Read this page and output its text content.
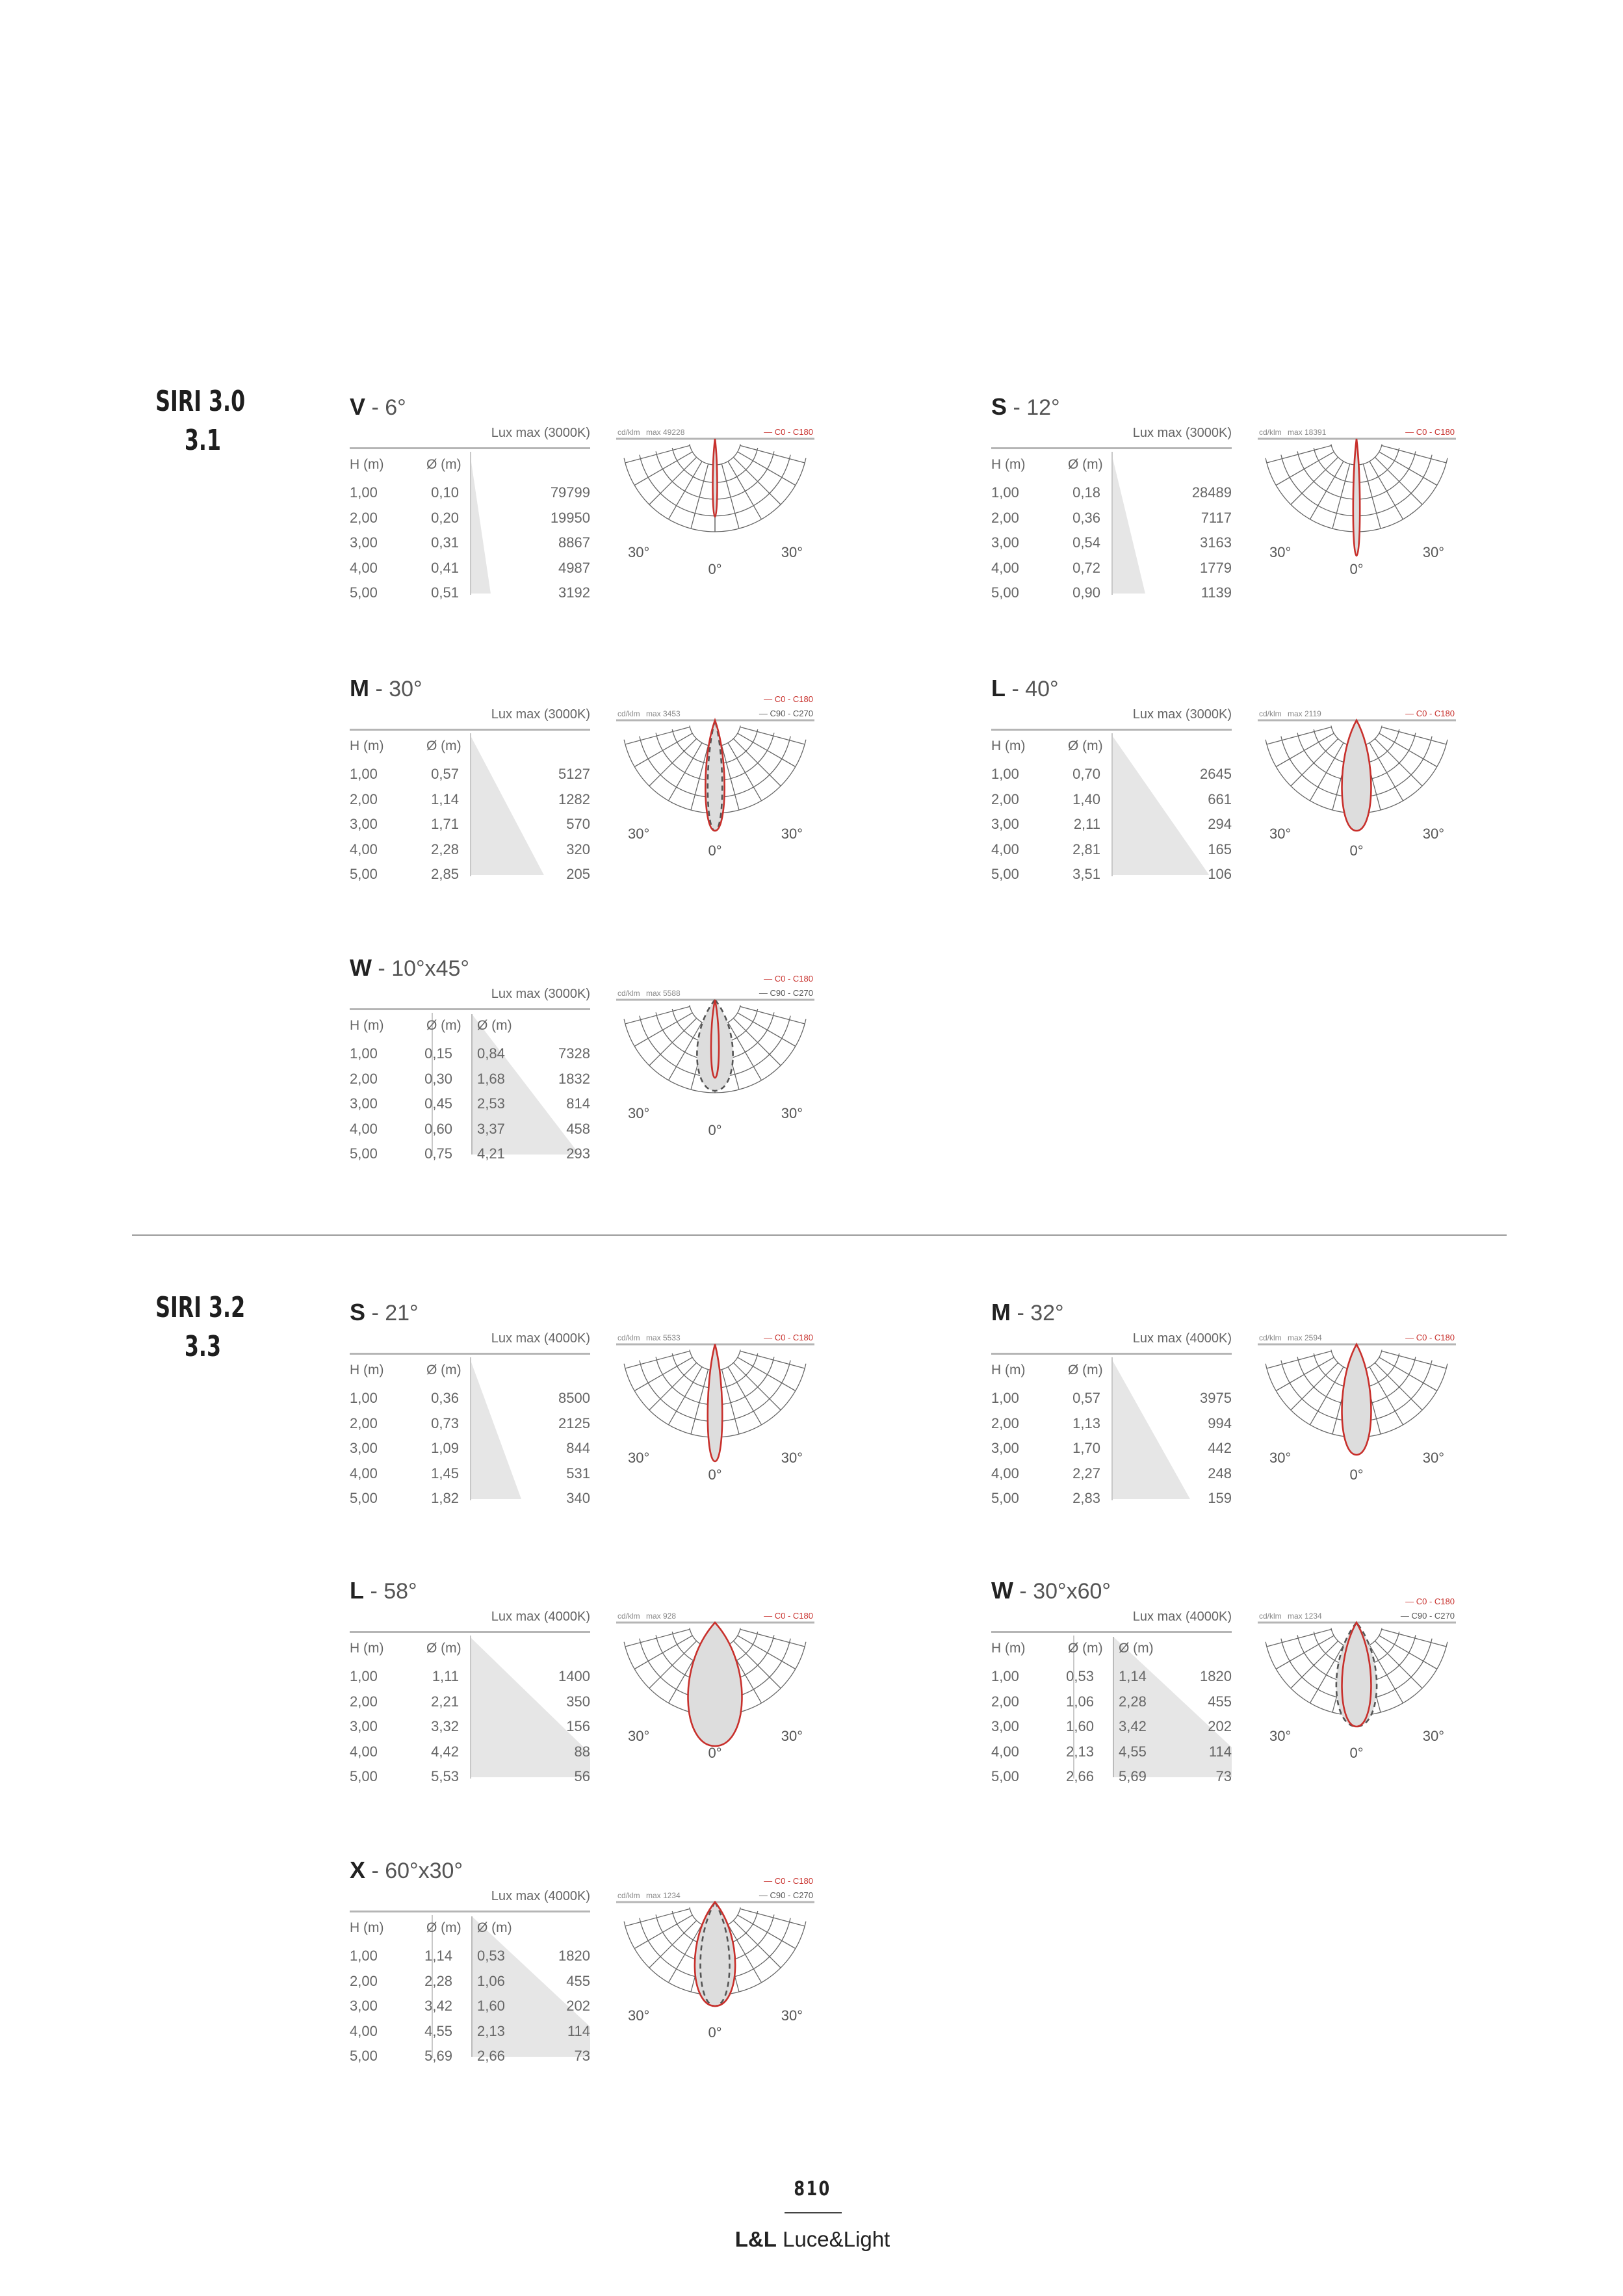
SIRI 3.0
3.1
SIRI 3.2
3.3
V - 6°
Lux max (3000K)
H (m)	Ø (m)
1,00	0,10	79799
2,00	0,20	19950
3,00	0,31	8867
4,00	0,41	4987
5,00	0,51	3192
cd/klm max 49228	— C0 - C180
30°	30°
0°
S - 12°
Lux max (3000K)
H (m)	Ø (m)
1,00	0,18	28489
2,00	0,36	7117
3,00	0,54	3163
4,00	0,72	1779
5,00	0,90	1139
cd/klm max 18391	— C0 - C180
30°	30°
0°
M - 30°
Lux max (3000K)
H (m)	Ø (m)
1,00	0,57	5127
2,00	1,14	1282
3,00	1,71	570
4,00	2,28	320
5,00	2,85	205
cd/klm max 3453
— C0 - C180
— C90 - C270
30°	30°
0°
L - 40°
Lux max (3000K)
H (m)	Ø (m)
1,00	0,70	2645
2,00	1,40	661
3,00	2,11	294
4,00	2,81	165
5,00	3,51	106
cd/klm max 2119	— C0 - C180
30°	30°
0°
W - 10°x45°
Lux max (3000K)
H (m)	Ø (m) Ø (m)
1,00	0,15 0,84	7328
2,00	0,30 1,68	1832
3,00	0,45 2,53	814
4,00	0,60 3,37	458
5,00	0,75 4,21	293
cd/klm max 5588
— C0 - C180
— C90 - C270
30°	30°
0°
S - 21°
Lux max (4000K)
H (m)	Ø (m)
1,00	0,36	8500
2,00	0,73	2125
3,00	1,09	844
4,00	1,45	531
5,00	1,82	340
cd/klm max 5533	— C0 - C180
30°	30°
0°
M - 32°
Lux max (4000K)
H (m)	Ø (m)
1,00	0,57	3975
2,00	1,13	994
3,00	1,70	442
4,00	2,27	248
5,00	2,83	159
cd/klm max 2594	— C0 - C180
30°	30°
0°
L - 58°
Lux max (4000K)
H (m)	Ø (m)
1,00	1,11	1400
2,00	2,21	350
3,00	3,32	156
4,00	4,42	88
5,00	5,53	56
cd/klm max 928	— C0 - C180
30°	30°
0°
W - 30°x60°
Lux max (4000K)
H (m)	Ø (m) Ø (m)
1,00	0,53 1,14	1820
2,00	1,06 2,28	455
3,00	1,60 3,42	202
4,00	2,13 4,55	114
5,00	2,66 5,69	73
cd/klm max 1234
— C0 - C180
— C90 - C270
30°	30°
0°
X - 60°x30°
Lux max (4000K)
H (m)	Ø (m) Ø (m)
1,00	1,14 0,53	1820
2,00	2,28 1,06	455
3,00	3,42 1,60	202
4,00	4,55 2,13	114
5,00	5,69 2,66	73
cd/klm max 1234
— C0 - C180
— C90 - C270
30°	30°
0°
810
L&L Luce&Light
